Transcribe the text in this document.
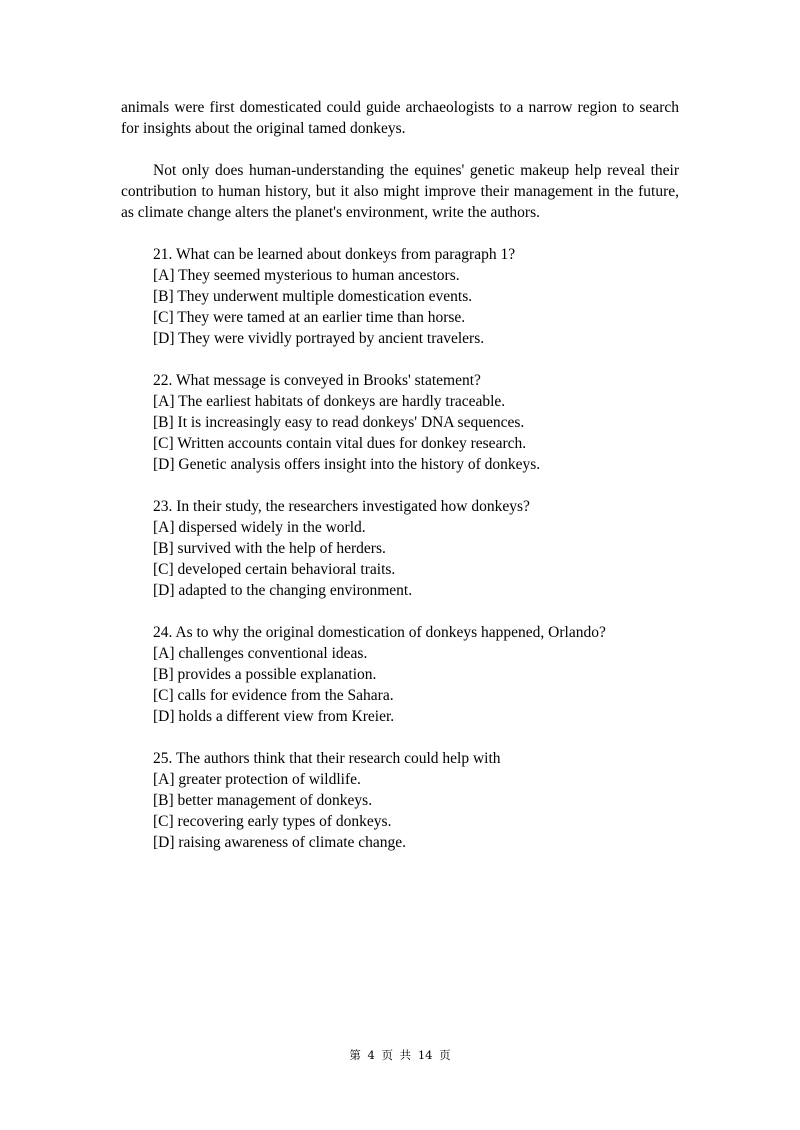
animals were first domesticated could guide archaeologists to a narrow region to search for insights about the original tamed donkeys.

Not only does human-understanding the equines' genetic makeup help reveal their contribution to human history, but it also might improve their management in the future, as climate change alters the planet's environment, write the authors.

21. What can be learned about donkeys from paragraph 1?
[A] They seemed mysterious to human ancestors.
[B] They underwent multiple domestication events.
[C] They were tamed at an earlier time than horse.
[D] They were vividly portrayed by ancient travelers.
22. What message is conveyed in Brooks' statement?
[A] The earliest habitats of donkeys are hardly traceable.
[B] It is increasingly easy to read donkeys' DNA sequences.
[C] Written accounts contain vital dues for donkey research.
[D] Genetic analysis offers insight into the history of donkeys.
23. In their study, the researchers investigated how donkeys?
[A] dispersed widely in the world.
[B] survived with the help of herders.
[C] developed certain behavioral traits.
[D] adapted to the changing environment.
24. As to why the original domestication of donkeys happened, Orlando?
[A] challenges conventional ideas.
[B] provides a possible explanation.
[C] calls for evidence from the Sahara.
[D] holds a different view from Kreier.
25. The authors think that their research could help with
[A] greater protection of wildlife.
[B] better management of donkeys.
[C] recovering early types of donkeys.
[D] raising awareness of climate change.
第 4 页 共 14 页
